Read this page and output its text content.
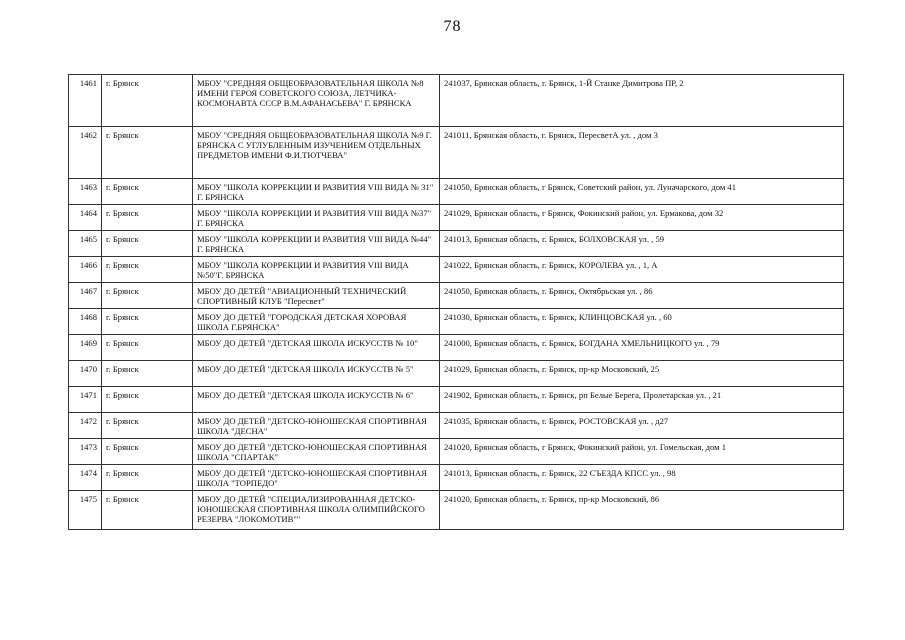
78
1461	г. Брянск	МБОУ "СРЕДНЯЯ ОБЩЕОБРАЗОВАТЕЛЬНАЯ ШКОЛА №8 ИМЕНИ ГЕРОЯ СОВЕТСКОГО СОЮЗА, ЛЕТЧИКА-КОСМОНАВТА СССР В.М.АФАНАСЬЕВА" Г. БРЯНСКА	241037, Брянская область, г. Брянск, 1-Й Станке Димитрова ПР, 2
1462	г. Брянск	МБОУ "СРЕДНЯЯ ОБЩЕОБРАЗОВАТЕЛЬНАЯ ШКОЛА №9 Г. БРЯНСКА С УГЛУБЛЕННЫМ ИЗУЧЕНИЕМ ОТДЕЛЬНЫХ ПРЕДМЕТОВ ИМЕНИ Ф.И.ТЮТЧЕВА"	241011, Брянская область, г. Брянск, ПересветА ул. , дом 3
1463	г. Брянск	МБОУ "ШКОЛА КОРРЕКЦИИ И РАЗВИТИЯ VIII ВИДА № 31" Г. БРЯНСКА	241050, Брянская область, г Брянск, Советский район, ул. Луначарского, дом 41
1464	г. Брянск	МБОУ "ШКОЛА КОРРЕКЦИИ И РАЗВИТИЯ VIII ВИДА №37" Г. БРЯНСКА	241029, Брянская область, г Брянск, Фокинский район, ул. Ермакова, дом 32
1465	г. Брянск	МБОУ "ШКОЛА КОРРЕКЦИИ И РАЗВИТИЯ VIII ВИДА №44" Г. БРЯНСКА	241013, Брянская область, г. Брянск, БОЛХОВСКАЯ ул. , 59
1466	г. Брянск	МБОУ "ШКОЛА КОРРЕКЦИИ И РАЗВИТИЯ VIII ВИДА №50"Г. БРЯНСКА	241022, Брянская область, г. Брянск, КОРОЛЕВА ул. , 1, А
1467	г. Брянск	МБОУ ДО ДЕТЕЙ "АВИАЦИОННЫЙ ТЕХНИЧЕСКИЙ СПОРТИВНЫЙ КЛУБ "Пересвет"	241050, Брянская область, г. Брянск, Октябрьская ул. , 86
1468	г. Брянск	МБОУ ДО ДЕТЕЙ "ГОРОДСКАЯ ДЕТСКАЯ ХОРОВАЯ ШКОЛА Г.БРЯНСКА"	241030, Брянская область, г. Брянск, КЛИНЦОВСКАЯ ул. , 60
1469	г. Брянск	МБОУ ДО ДЕТЕЙ "ДЕТСКАЯ ШКОЛА ИСКУССТВ № 10"	241000, Брянская область, г. Брянск, БОГДАНА ХМЕЛЬНИЦКОГО ул. , 79
1470	г. Брянск	МБОУ ДО ДЕТЕЙ "ДЕТСКАЯ ШКОЛА ИСКУССТВ № 5"	241029, Брянская область, г. Брянск, пр-кр Московский, 25
1471	г. Брянск	МБОУ ДО ДЕТЕЙ "ДЕТСКАЯ ШКОЛА ИСКУССТВ № 6"	241902, Брянская область, г. Брянск, рп Белые Берега, Пролетарская ул. , 21
1472	г. Брянск	МБОУ ДО ДЕТЕЙ "ДЕТСКО-ЮНОШЕСКАЯ СПОРТИВНАЯ ШКОЛА "ДЕСНА"	241035, Брянская область, г. Брянск, РОСТОВСКАЯ ул. , д27
1473	г. Брянск	МБОУ ДО ДЕТЕЙ "ДЕТСКО-ЮНОШЕСКАЯ СПОРТИВНАЯ ШКОЛА "СПАРТАК"	241020, Брянская область, г Брянск, Фокинский район, ул. Гомельская, дом 1
1474	г. Брянск	МБОУ ДО ДЕТЕЙ "ДЕТСКО-ЮНОШЕСКАЯ СПОРТИВНАЯ ШКОЛА "ТОРПЕДО"	241013, Брянская область, г. Брянск, 22 СЪЕЗДА КПСС ул. , 98
1475	г. Брянск	МБОУ ДО ДЕТЕЙ "СПЕЦИАЛИЗИРОВАННАЯ ДЕТСКО-ЮНОШЕСКАЯ СПОРТИВНАЯ ШКОЛА ОЛИМПИЙСКОГО РЕЗЕРВА "ЛОКОМОТИВ""	241020, Брянская область, г. Брянск, пр-кр Московский, 86
